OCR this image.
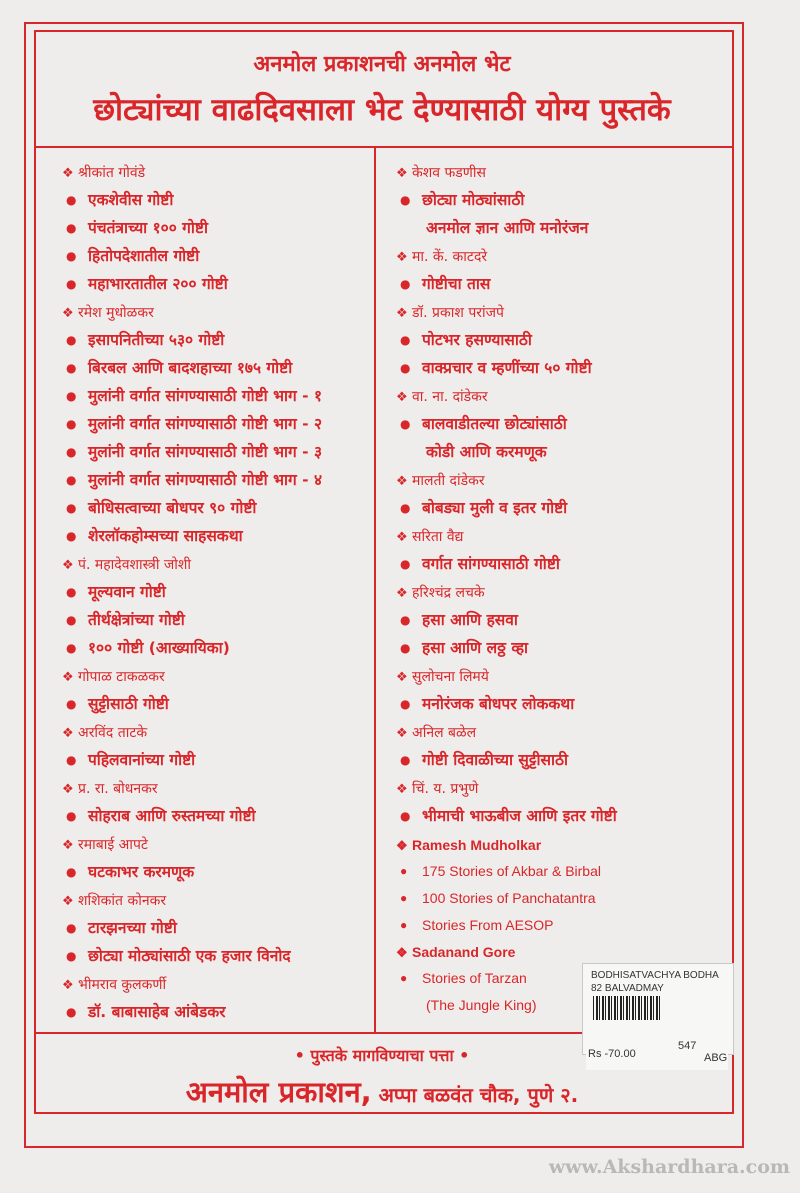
अनमोल प्रकाशनची अनमोल भेट
छोट्यांच्या वाढदिवसाला भेट देण्यासाठी योग्य पुस्तके
❖ श्रीकांत गोवंडे
● एकशेवीस गोष्टी
● पंचतंत्राच्या १०० गोष्टी
● हितोपदेशातील गोष्टी
● महाभारतातील २०० गोष्टी
❖ रमेश मुधोळकर
● इसापनितीच्या ५३० गोष्टी
● बिरबल आणि बादशहाच्या १७५ गोष्टी
● मुलांनी वर्गात सांगण्यासाठी गोष्टी भाग - १
● मुलांनी वर्गात सांगण्यासाठी गोष्टी भाग - २
● मुलांनी वर्गात सांगण्यासाठी गोष्टी भाग - ३
● मुलांनी वर्गात सांगण्यासाठी गोष्टी भाग - ४
● बोधिसत्वाच्या बोधपर ९० गोष्टी
● शेरलॉकहोम्सच्या साहसकथा
❖ पं. महादेवशास्त्री जोशी
● मूल्यवान गोष्टी
● तीर्थक्षेत्रांच्या गोष्टी
● १०० गोष्टी (आख्यायिका)
❖ गोपाळ टाकळकर
● सुट्टीसाठी गोष्टी
❖ अरविंद ताटके
● पहिलवानांच्या गोष्टी
❖ प्र. रा. बोधनकर
● सोहराब आणि रुस्तमच्या गोष्टी
❖ रमाबाई आपटे
● घटकाभर करमणूक
❖ शशिकांत कोनकर
● टारझनच्या गोष्टी
● छोट्या मोठ्यांसाठी एक हजार विनोद
❖ भीमराव कुलकर्णी
● डॉ. बाबासाहेब आंबेडकर
❖ केशव फडणीस
● छोट्या मोठ्यांसाठी
अनमोल ज्ञान आणि मनोरंजन
❖ मा. कें. काटदरे
● गोष्टीचा तास
❖ डॉ. प्रकाश परांजपे
● पोटभर हसण्यासाठी
● वाक्प्रचार व म्हणींच्या ५० गोष्टी
❖ वा. ना. दांडेकर
● बालवाडीतल्या छोट्यांसाठी
कोडी आणि करमणूक
❖ मालती दांडेकर
● बोबड्या मुली व इतर गोष्टी
❖ सरिता वैद्य
● वर्गात सांगण्यासाठी गोष्टी
❖ हरिश्चंद्र लचके
● हसा आणि हसवा
● हसा आणि लठ्ठ व्हा
❖ सुलोचना लिमये
● मनोरंजक बोधपर लोककथा
❖ अनिल बळेल
● गोष्टी दिवाळीच्या सुट्टीसाठी
❖ चिं. य. प्रभुणे
● भीमाची भाऊबीज आणि इतर गोष्टी
❖ Ramesh Mudholkar
● 175 Stories of Akbar & Birbal
● 100 Stories of Panchatantra
● Stories From AESOP
❖ Sadanand Gore
● Stories of Tarzan
(The Jungle King)
• पुस्तके मागविण्याचा पत्ता •
अनमोल प्रकाशन, अप्पा बळवंत चौक, पुणे २.
BODHISATVACHYA BODHA
82 BALVADMAY
Rs -70.00
547
ABG
www.Akshardhara.com
